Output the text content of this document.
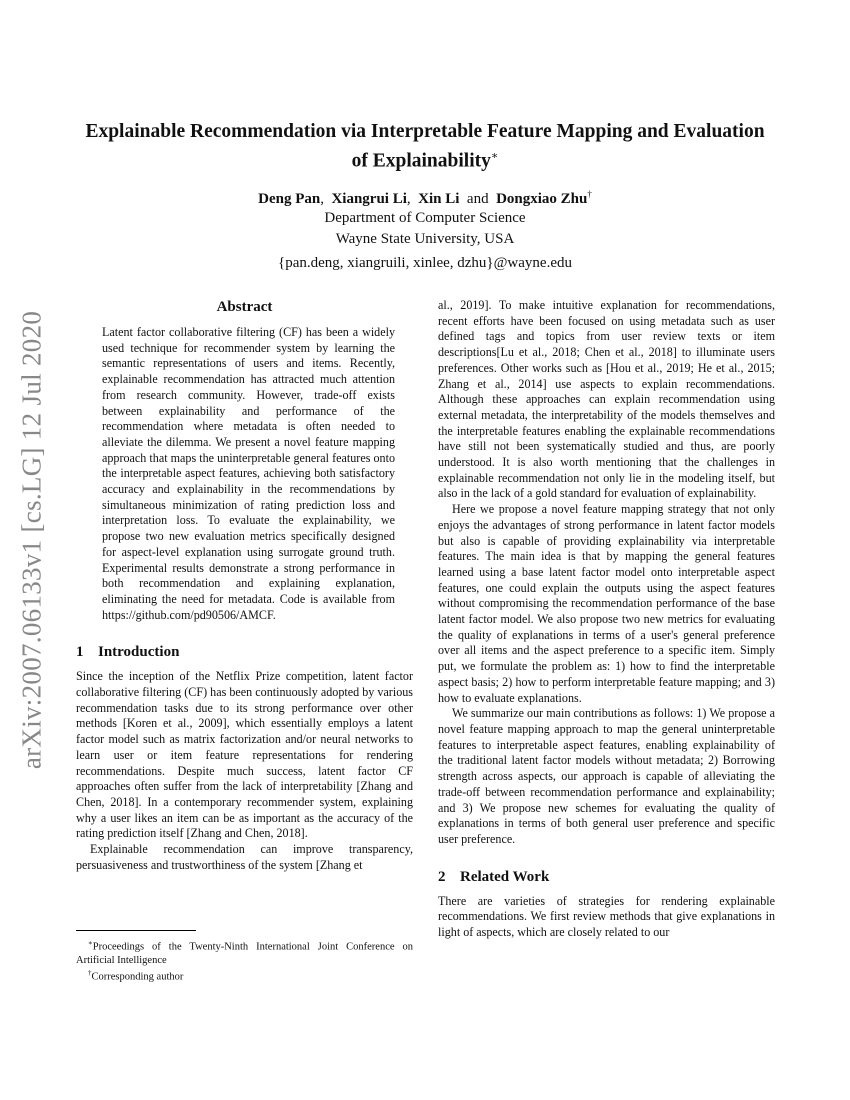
arXiv:2007.06133v1 [cs.LG] 12 Jul 2020
Explainable Recommendation via Interpretable Feature Mapping and Evaluation
of Explainability∗
Deng Pan,  Xiangrui Li,  Xin Li and Dongxiao Zhu†
Department of Computer Science
Wayne State University, USA
{pan.deng, xiangruili, xinlee, dzhu}@wayne.edu
Abstract

Latent factor collaborative filtering (CF) has been a widely used technique for recommender system by learning the semantic representations of users and items. Recently, explainable recommendation has attracted much attention from research community. However, trade-off exists between explainability and performance of the recommendation where metadata is often needed to alleviate the dilemma. We present a novel feature mapping approach that maps the uninterpretable general features onto the interpretable aspect features, achieving both satisfactory accuracy and explainability in the recommendations by simultaneous minimization of rating prediction loss and interpretation loss. To evaluate the explainability, we propose two new evaluation metrics specifically designed for aspect-level explanation using surrogate ground truth. Experimental results demonstrate a strong performance in both recommendation and explaining explanation, eliminating the need for metadata. Code is available from https://github.com/pd90506/AMCF.

1 Introduction

Since the inception of the Netflix Prize competition, latent factor collaborative filtering (CF) has been continuously adopted by various recommendation tasks due to its strong performance over other methods [Koren et al., 2009], which essentially employs a latent factor model such as matrix factorization and/or neural networks to learn user or item feature representations for rendering recommendations. Despite much success, latent factor CF approaches often suffer from the lack of interpretability [Zhang and Chen, 2018]. In a contemporary recommender system, explaining why a user likes an item can be as important as the accuracy of the rating prediction itself [Zhang and Chen, 2018].

Explainable recommendation can improve transparency, persuasiveness and trustworthiness of the system [Zhang et

al., 2019]. To make intuitive explanation for recommendations, recent efforts have been focused on using metadata such as user defined tags and topics from user review texts or item descriptions[Lu et al., 2018; Chen et al., 2018] to illuminate users preferences. Other works such as [Hou et al., 2019; He et al., 2015; Zhang et al., 2014] use aspects to explain recommendations. Although these approaches can explain recommendation using external metadata, the interpretability of the models themselves and the interpretable features enabling the explainable recommendations have still not been systematically studied and thus, are poorly understood. It is also worth mentioning that the challenges in explainable recommendation not only lie in the modeling itself, but also in the lack of a gold standard for evaluation of explainability.

Here we propose a novel feature mapping strategy that not only enjoys the advantages of strong performance in latent factor models but also is capable of providing explainability via interpretable features. The main idea is that by mapping the general features learned using a base latent factor model onto interpretable aspect features, one could explain the outputs using the aspect features without compromising the recommendation performance of the base latent factor model. We also propose two new metrics for evaluating the quality of explanations in terms of a user's general preference over all items and the aspect preference to a specific item. Simply put, we formulate the problem as: 1) how to find the interpretable aspect basis; 2) how to perform interpretable feature mapping; and 3) how to evaluate explanations.

We summarize our main contributions as follows: 1) We propose a novel feature mapping approach to map the general uninterpretable features to interpretable aspect features, enabling explainability of the traditional latent factor models without metadata; 2) Borrowing strength across aspects, our approach is capable of alleviating the trade-off between recommendation performance and explainability; and 3) We propose new schemes for evaluating the quality of explanations in terms of both general user preference and specific user preference.

2 Related Work

There are varieties of strategies for rendering explainable recommendations. We first review methods that give explanations in light of aspects, which are closely related to our

∗Proceedings of the Twenty-Ninth International Joint Conference on Artificial Intelligence

†Corresponding author
